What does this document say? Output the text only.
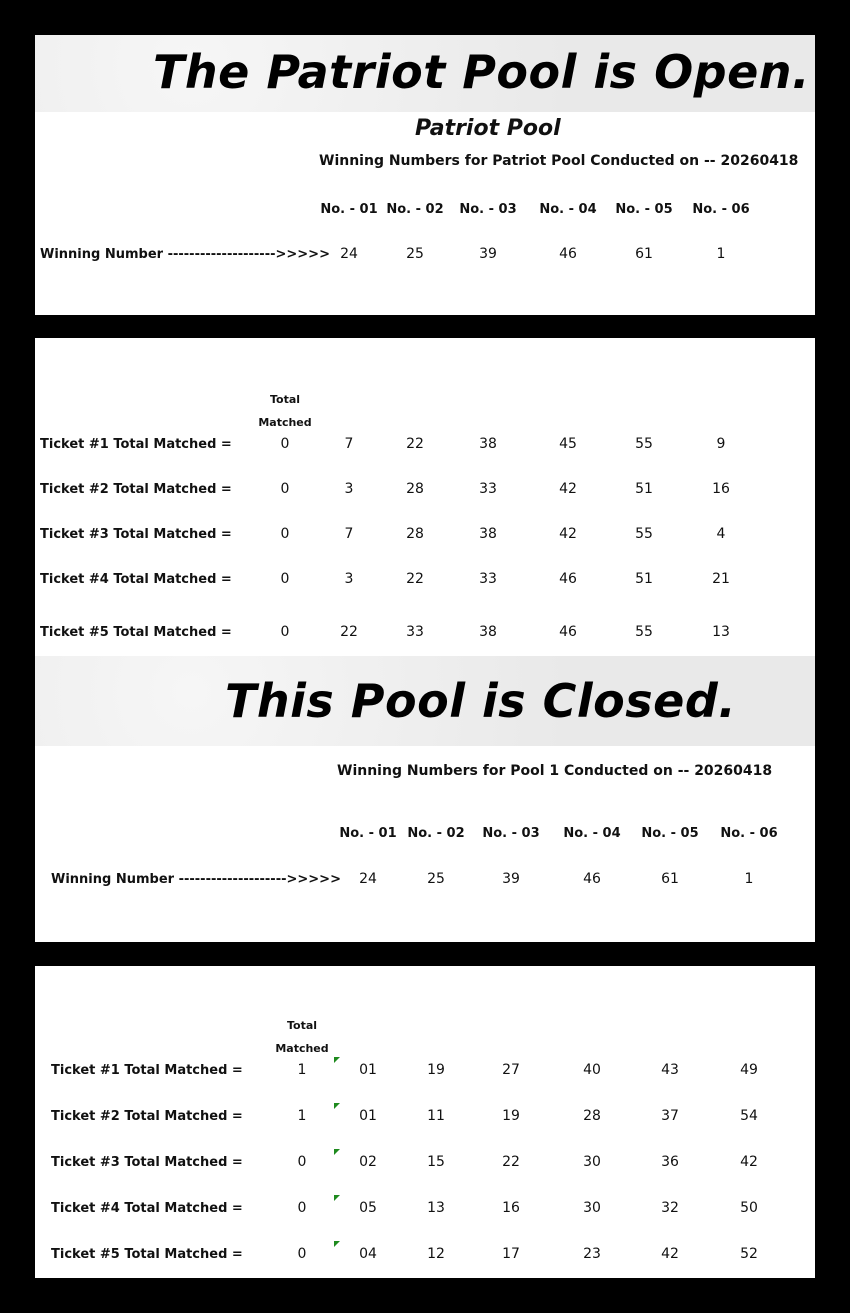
The Patriot Pool is Open.
Patriot Pool
Winning Numbers for Patriot Pool Conducted on -- 20260418
No. - 01 No. - 02	No. - 03	No. - 04	No. - 05	No. - 06
Winning Number -------------------->>>>> 24	25	39	46	61	1
Total
Matched
Ticket #1 Total Matched =	0	7	22	38	45	55	9
Ticket #2 Total Matched =	0	3	28	33	42	51	16
Ticket #3 Total Matched =	0	7	28	38	42	55	4
Ticket #4 Total Matched =	0	3	22	33	46	51	21
Ticket #5 Total Matched =	0	22	33	38	46	55	13
This Pool is Closed.
Winning Numbers for Pool 1 Conducted on -- 20260418
No. - 01 No. - 02	No. - 03	No. - 04	No. - 05	No. - 06
Winning Number -------------------->>>>>	24	25	39	46	61	1
Total
Matched
Ticket #1 Total Matched =	1	01	19	27	40	43	49
Ticket #2 Total Matched =	1	01	11	19	28	37	54
Ticket #3 Total Matched =	0	02	15	22	30	36	42
Ticket #4 Total Matched =	0	05	13	16	30	32	50
Ticket #5 Total Matched =	0	04	12	17	23	42	52
